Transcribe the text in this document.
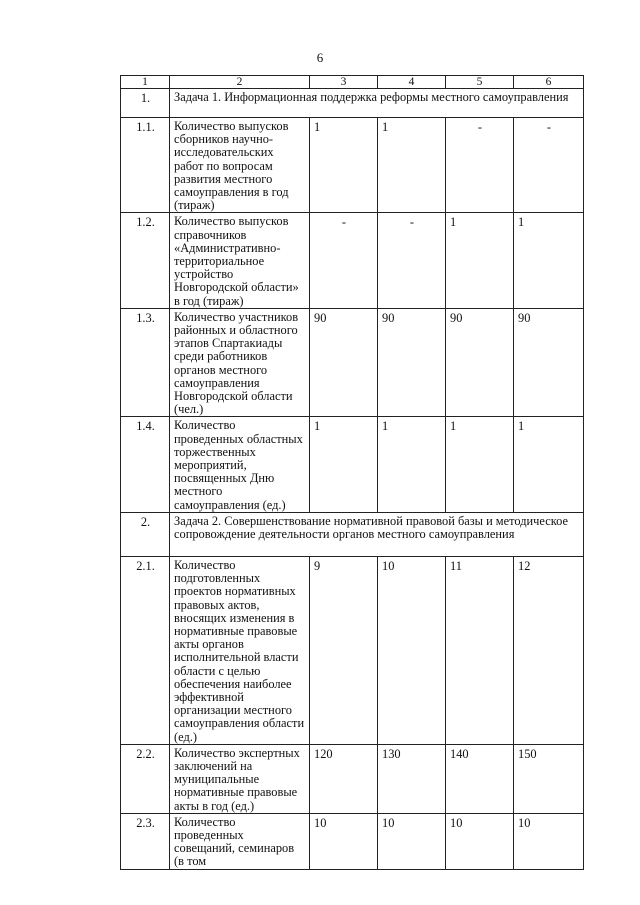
6
1	2	3	4	5	6
1.	Задача 1. Информационная поддержка реформы местного самоуправления				
1.1.	Количество выпусков сборников научно-исследовательских работ по вопросам развития местного самоуправления в год (тираж)	1	1	-	-
1.2.	Количество выпусков справочников «Административно-территориальное устройство Новгородской области» в год (тираж)	-	-	1	1
1.3.	Количество участников районных и областного этапов Спартакиады среди работников органов местного самоуправления Новгородской области (чел.)	90	90	90	90
1.4.	Количество проведенных областных торжественных мероприятий, посвященных Дню местного самоуправления (ед.)	1	1	1	1
2.	Задача 2. Совершенствование нормативной правовой базы и методическое сопровождение деятельности органов местного самоуправления				
2.1.	Количество подготовленных проектов нормативных правовых актов, вносящих изменения в нормативные правовые акты органов исполнительной власти области с целью обеспечения наиболее эффективной организации местного самоуправления области (ед.)	9	10	11	12
2.2.	Количество экспертных заключений на муниципальные нормативные правовые акты в год (ед.)	120	130	140	150
2.3.	Количество проведенных совещаний, семинаров (в том	10	10	10	10
